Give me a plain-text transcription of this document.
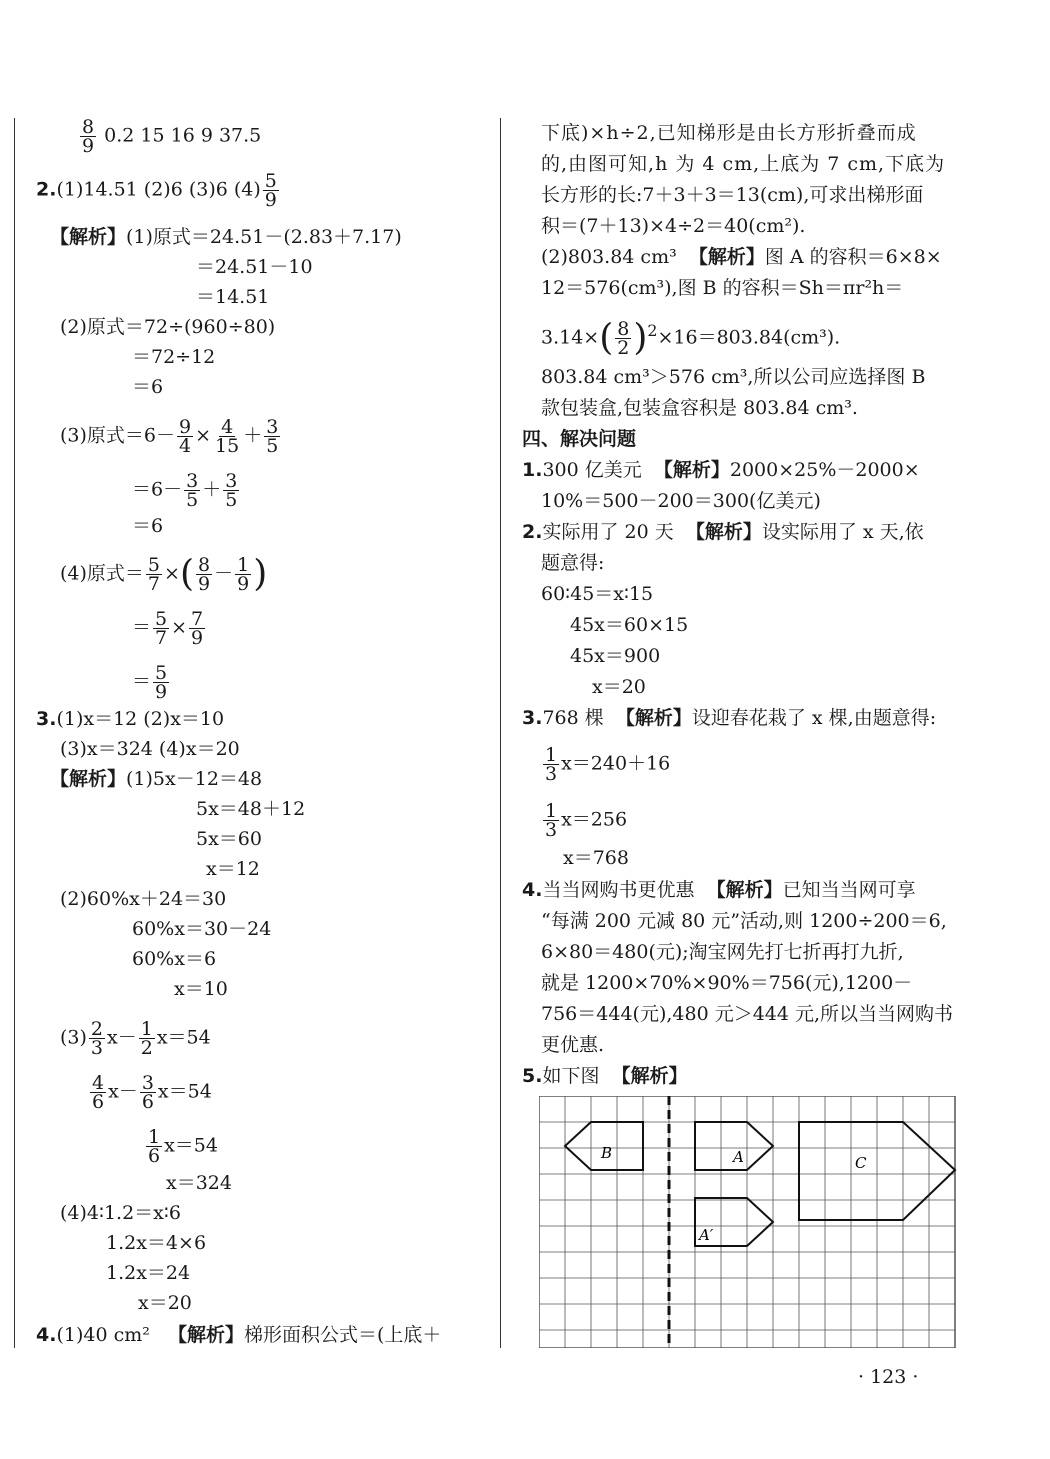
$\frac{8}{9} 0.2$ 15 16 9 37.5
2.(1)14.51 (2)6 (3)6 $(4) \frac{5}{9}$
【解析】(1)原式＝24.51－(2.83＋7.17)
＝24.51－10
＝14.51
(2)原式＝72÷(960÷80)
＝72÷12
＝6
(3)原式$=6- \frac{9}{4} \times \frac{4}{15} + \frac{3}{5}$
$=6- \frac{3}{5} + \frac{3}{5}$
＝6
(4)原式＝ $\frac{5}{7}$ ×( $\frac{8}{9} - \frac{1}{9}$ )
＝ $\frac{5}{7} \times \frac{7}{9}$
＝ $\frac{5}{9}$
3.(1)x＝12 (2)x＝10
(3)x＝324 (4)x＝20
【解析】(1)5x－12＝48
5x＝48＋12
5x＝60
x＝12
(2)60%x＋24＝30
60%x＝30－24
60%x＝6
x＝10
$(3) \frac{2}{3} x- \frac{1}{2} x=54$
$\frac{4}{6} x- \frac{3}{6} x=54$
$\frac{1}{6} x=54$
x＝324
(4)4∶1.2＝x∶6
1.2x＝4×6
1.2x＝24
x＝20
4.(1)40 cm² 【解析】梯形面积公式＝(上底＋
下底)×h÷2,已知梯形是由长方形折叠而成
的,由图可知,h 为 4 cm,上底为 7 cm,下底为
长方形的长:7＋3＋3＝13(cm),可求出梯形面
积＝(7＋13)×4÷2＝40(cm²).
(2)803.84 cm³ 【解析】图 A 的容积＝6×8×
12＝576(cm³),图 B 的容积＝Sh＝πr²h＝
$3.14\times( \frac{8}{2} )^2\times 16=803.84(cm^3)$.
803.84 cm³＞576 cm³,所以公司应选择图 B
款包装盒,包装盒容积是 803.84 cm³.
四、解决问题
1.300 亿美元 【解析】2000×25%－2000×
10%＝500－200＝300(亿美元)
2.实际用了 20 天 【解析】设实际用了 x 天,依
题意得:
60∶45＝x∶15
45x＝60×15
45x＝900
x＝20
3.768 棵 【解析】设迎春花栽了 x 棵,由题意得:
$\frac{1}{3} x=240+16$
$\frac{1}{3} x=256$
x＝768
4.当当网购书更优惠 【解析】已知当当网可享
“每满 200 元减 80 元”活动,则 1200÷200＝6,
6×80＝480(元);淘宝网先打七折再打九折,
就是 1200×70%×90%＝756(元),1200－
756＝444(元),480 元＞444 元,所以当当网购书
更优惠.
5.如下图 【解析】
B	A
A′
C
· 123 ·
